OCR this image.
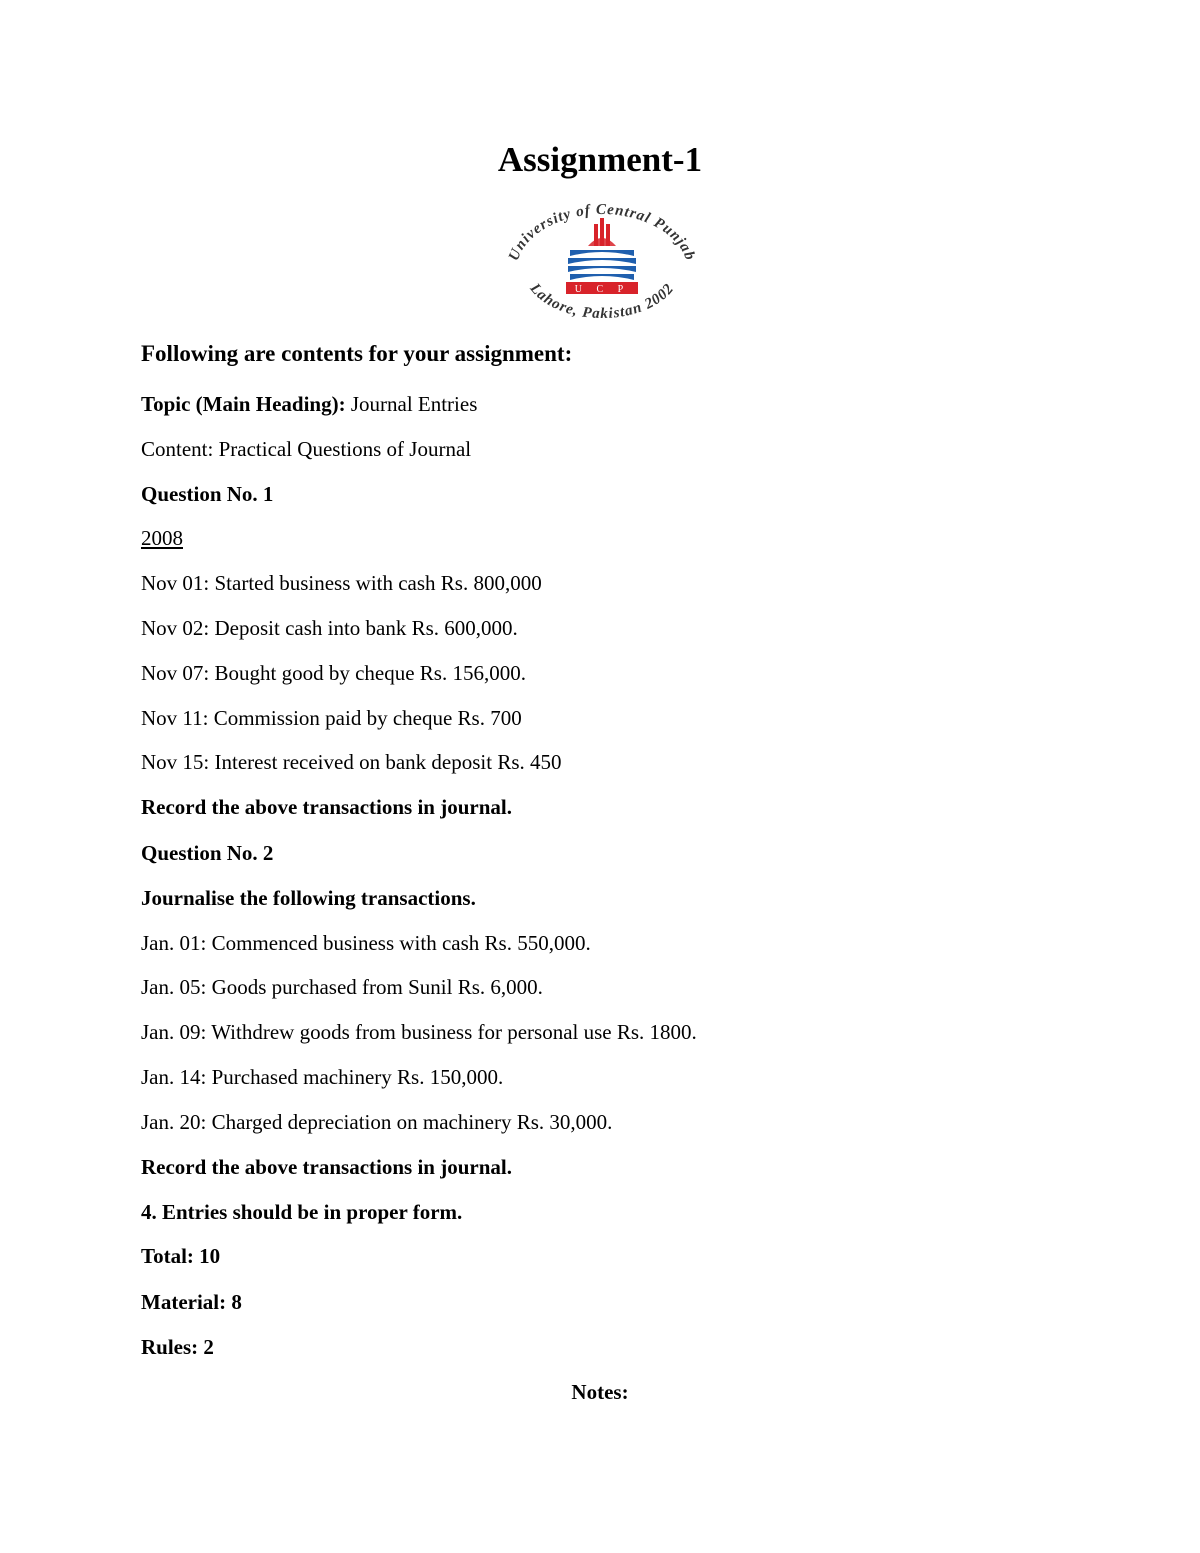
Assignment-1
University of Central Punjab
Lahore, Pakistan 2002
U C P
Following are contents for your assignment:
Topic (Main Heading): Journal Entries
Content: Practical Questions of Journal
Question No. 1
2008
Nov 01: Started business with cash Rs. 800,000
Nov 02: Deposit cash into bank Rs. 600,000.
Nov 07: Bought good by cheque Rs. 156,000.
Nov 11: Commission paid by cheque Rs. 700
Nov 15: Interest received on bank deposit Rs. 450
Record the above transactions in journal.
Question No. 2
Journalise the following transactions.
Jan. 01: Commenced business with cash Rs. 550,000.
Jan. 05: Goods purchased from Sunil Rs. 6,000.
Jan. 09: Withdrew goods from business for personal use Rs. 1800.
Jan. 14: Purchased machinery Rs. 150,000.
Jan. 20: Charged depreciation on machinery Rs. 30,000.
Record the above transactions in journal.
4. Entries should be in proper form.
Total: 10
Material: 8
Rules: 2
Notes:
